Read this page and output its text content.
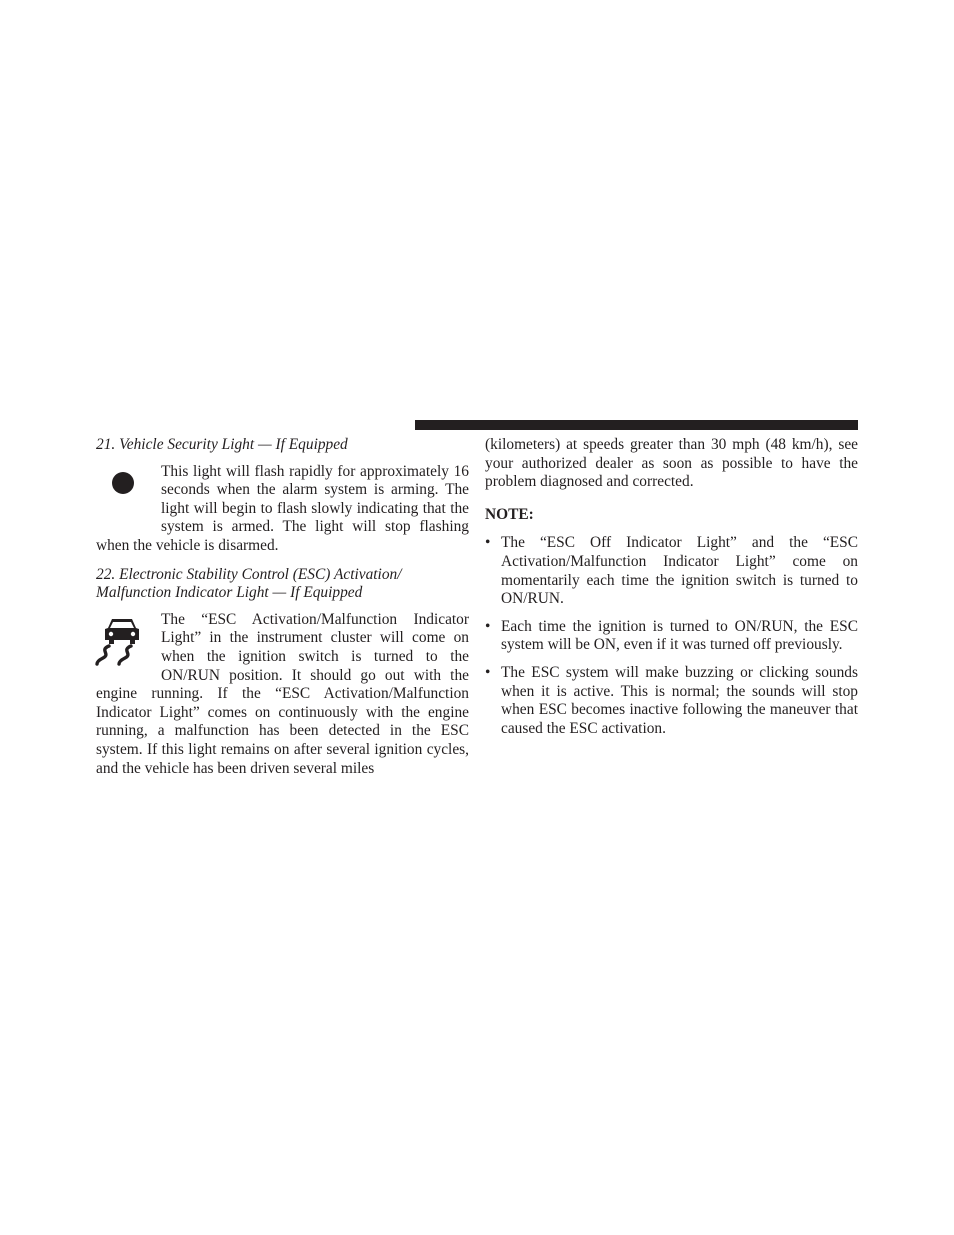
21. Vehicle Security Light — If Equipped

This light will flash rapidly for approximately 16 seconds when the alarm system is arming. The light will begin to flash slowly indicating that the system is armed. The light will stop flashing when the vehicle is disarmed.

22. Electronic Stability Control (ESC) Activation/

Malfunction Indicator Light — If Equipped

The “ESC Activation/Malfunction Indicator Light” in the instrument cluster will come on when the ignition switch is turned to the ON/RUN position. It should go out with the engine running. If the “ESC Activation/Malfunction Indicator Light” comes on continuously with the engine running, a malfunction has been detected in the ESC system. If this light remains on after several ignition cycles, and the vehicle has been driven several miles

(kilometers) at speeds greater than 30 mph (48 km/h), see your authorized dealer as soon as possible to have the problem diagnosed and corrected.

NOTE:

• The “ESC Off Indicator Light” and the “ESC Activation/Malfunction Indicator Light” come on momentarily each time the ignition switch is turned to ON/RUN.
• Each time the ignition is turned to ON/RUN, the ESC system will be ON, even if it was turned off previously.
• The ESC system will make buzzing or clicking sounds when it is active. This is normal; the sounds will stop when ESC becomes inactive following the maneuver that caused the ESC activation.
